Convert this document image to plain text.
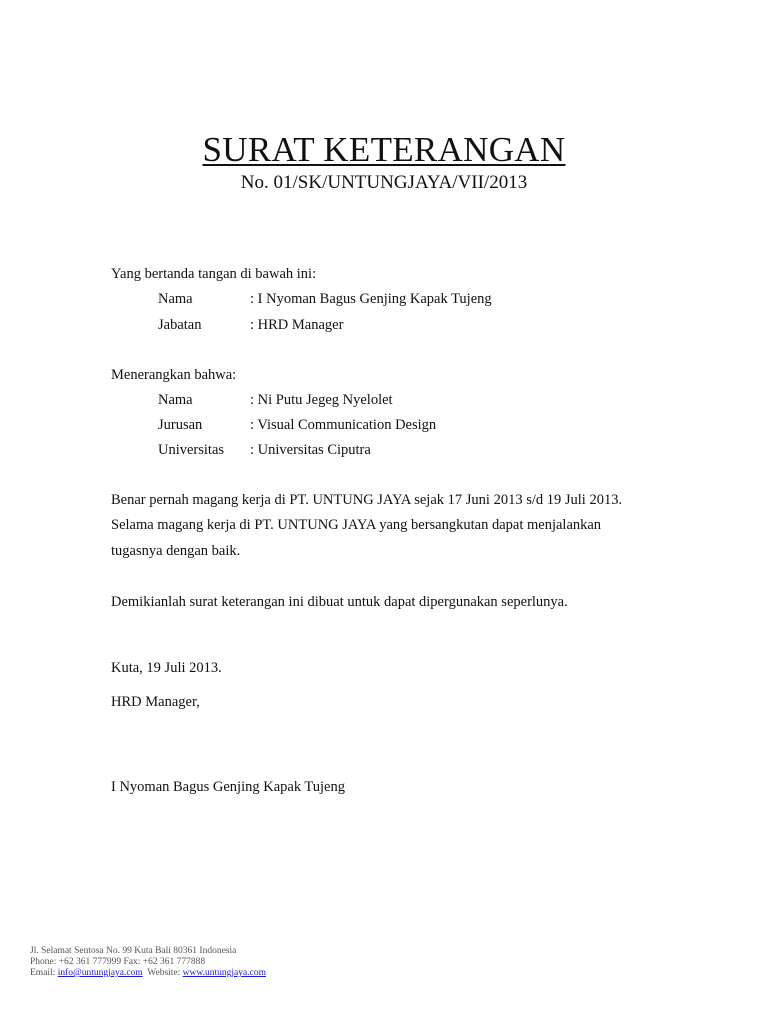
SURAT KETERANGAN
No. 01/SK/UNTUNGJAYA/VII/2013
Yang bertanda tangan di bawah ini:
Nama	: I Nyoman Bagus Genjing Kapak Tujeng
Jabatan	: HRD Manager
Menerangkan bahwa:
Nama	: Ni Putu Jegeg Nyelolet
Jurusan	: Visual Communication Design
Universitas : Universitas Ciputra
Benar pernah magang kerja di PT. UNTUNG JAYA sejak 17 Juni 2013 s/d 19 Juli 2013.
Selama magang kerja di PT. UNTUNG JAYA yang bersangkutan dapat menjalankan
tugasnya dengan baik.
Demikianlah surat keterangan ini dibuat untuk dapat dipergunakan seperlunya.
Kuta, 19 Juli 2013.
HRD Manager,
I Nyoman Bagus Genjing Kapak Tujeng
Jl. Selamat Sentosa No. 99 Kuta Bali 80361 Indonesia
Phone: +62 361 777999 Fax: +62 361 777888
Email: info@untungjaya.com  Website: www.untungjaya.com
